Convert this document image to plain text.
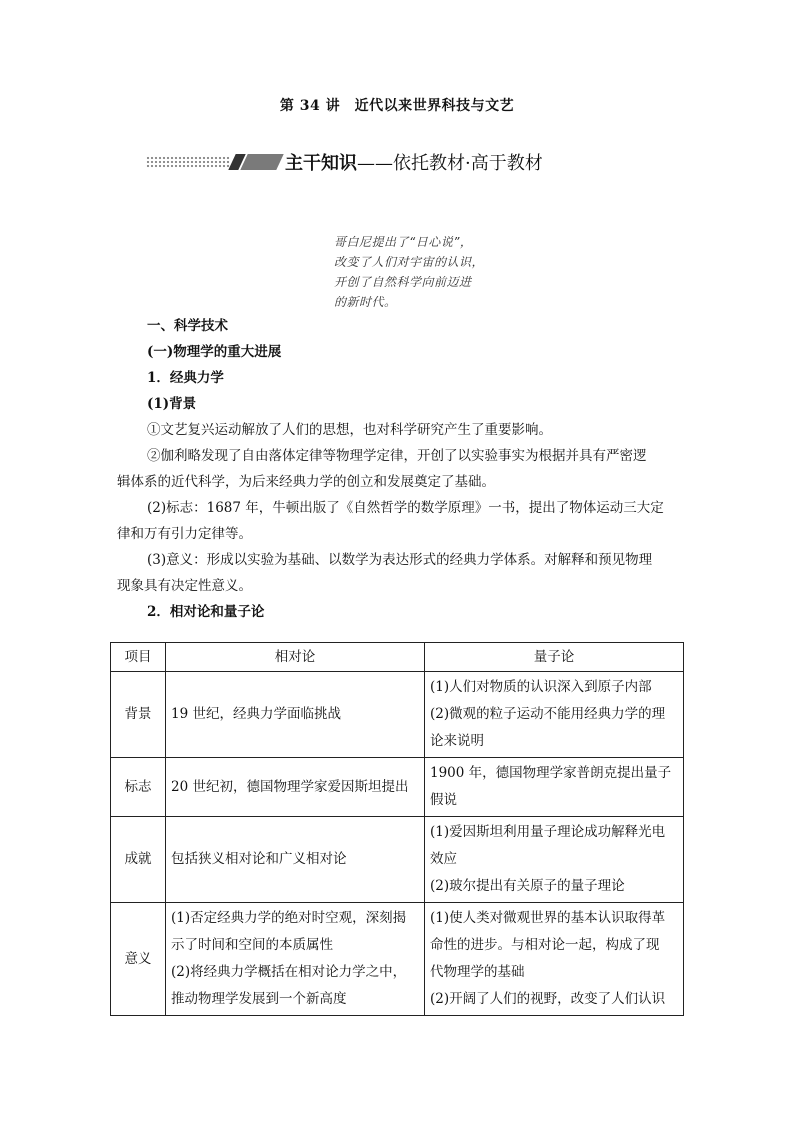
第 34 讲　近代以来世界科技与文艺
主干知识——依托教材·高于教材
哥白尼提出了“日心说”，
改变了人们对宇宙的认识，
开创了自然科学向前迈进
的新时代。
一、科学技术
(一)物理学的重大进展
1．经典力学
(1)背景
①文艺复兴运动解放了人们的思想，也对科学研究产生了重要影响。
②伽利略发现了自由落体定律等物理学定律，开创了以实验事实为根据并具有严密逻
辑体系的近代科学，为后来经典力学的创立和发展奠定了基础。
(2)标志：1687 年，牛顿出版了《自然哲学的数学原理》一书，提出了物体运动三大定
律和万有引力定律等。
(3)意义：形成以实验为基础、以数学为表达形式的经典力学体系。对解释和预见物理
现象具有决定性意义。
2．相对论和量子论
项目	相对论	量子论
背景	19 世纪，经典力学面临挑战	(1)人们对物质的认识深入到原子内部
(2)微观的粒子运动不能用经典力学的理
论来说明

标志	20 世纪初，德国物理学家爱因斯坦提出	1900 年，德国物理学家普朗克提出量子
假说

成就	包括狭义相对论和广义相对论	(1)爱因斯坦利用量子理论成功解释光电
效应
(2)玻尔提出有关原子的量子理论

意义	(1)否定经典力学的绝对时空观，深刻揭
示了时间和空间的本质属性
(2)将经典力学概括在相对论力学之中，
推动物理学发展到一个新高度	(1)使人类对微观世界的基本认识取得革
命性的进步。与相对论一起，构成了现
代物理学的基础
(2)开阔了人们的视野，改变了人们认识
